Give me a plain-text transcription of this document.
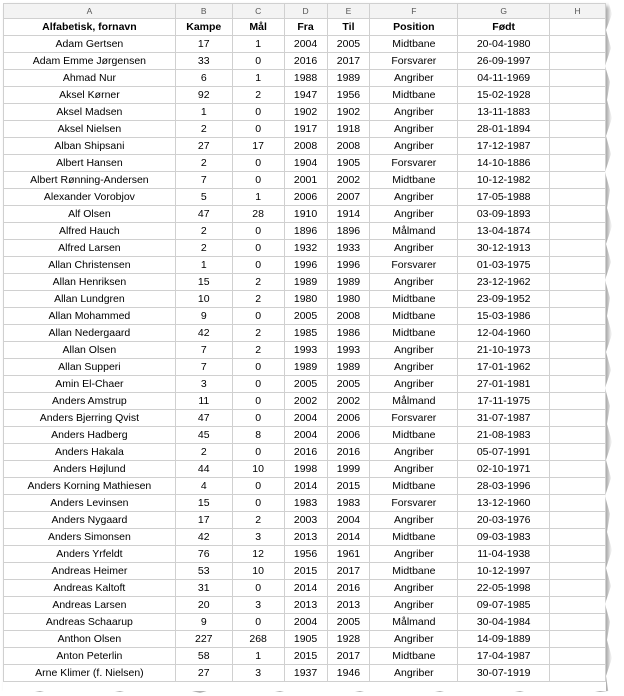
A	B	C	D	E	F	G	H
Alfabetisk, fornavn	Kampe	Mål	Fra	Til	Position	Født	
Adam Gertsen	17	1	2004	2005	Midtbane	20-04-1980	
Adam Emme Jørgensen	33	0	2016	2017	Forsvarer	26-09-1997	
Ahmad Nur	6	1	1988	1989	Angriber	04-11-1969	
Aksel Kørner	92	2	1947	1956	Midtbane	15-02-1928	
Aksel Madsen	1	0	1902	1902	Angriber	13-11-1883	
Aksel Nielsen	2	0	1917	1918	Angriber	28-01-1894	
Alban Shipsani	27	17	2008	2008	Angriber	17-12-1987	
Albert Hansen	2	0	1904	1905	Forsvarer	14-10-1886	
Albert Rønning-Andersen	7	0	2001	2002	Midtbane	10-12-1982	
Alexander Vorobjov	5	1	2006	2007	Angriber	17-05-1988	
Alf Olsen	47	28	1910	1914	Angriber	03-09-1893	
Alfred Hauch	2	0	1896	1896	Målmand	13-04-1874	
Alfred Larsen	2	0	1932	1933	Angriber	30-12-1913	
Allan Christensen	1	0	1996	1996	Forsvarer	01-03-1975	
Allan Henriksen	15	2	1989	1989	Angriber	23-12-1962	
Allan Lundgren	10	2	1980	1980	Midtbane	23-09-1952	
Allan Mohammed	9	0	2005	2008	Midtbane	15-03-1986	
Allan Nedergaard	42	2	1985	1986	Midtbane	12-04-1960	
Allan Olsen	7	2	1993	1993	Angriber	21-10-1973	
Allan Supperi	7	0	1989	1989	Angriber	17-01-1962	
Amin El-Chaer	3	0	2005	2005	Angriber	27-01-1981	
Anders Amstrup	11	0	2002	2002	Målmand	17-11-1975	
Anders Bjerring Qvist	47	0	2004	2006	Forsvarer	31-07-1987	
Anders Hadberg	45	8	2004	2006	Midtbane	21-08-1983	
Anders Hakala	2	0	2016	2016	Angriber	05-07-1991	
Anders Højlund	44	10	1998	1999	Angriber	02-10-1971	
Anders Korning Mathiesen	4	0	2014	2015	Midtbane	28-03-1996	
Anders Levinsen	15	0	1983	1983	Forsvarer	13-12-1960	
Anders Nygaard	17	2	2003	2004	Angriber	20-03-1976	
Anders Simonsen	42	3	2013	2014	Midtbane	09-03-1983	
Anders Yrfeldt	76	12	1956	1961	Angriber	11-04-1938	
Andreas Heimer	53	10	2015	2017	Midtbane	10-12-1997	
Andreas Kaltoft	31	0	2014	2016	Angriber	22-05-1998	
Andreas Larsen	20	3	2013	2013	Angriber	09-07-1985	
Andreas Schaarup	9	0	2004	2005	Målmand	30-04-1984	
Anthon Olsen	227	268	1905	1928	Angriber	14-09-1889	
Anton Peterlin	58	1	2015	2017	Midtbane	17-04-1987	
Arne Klimer (f. Nielsen)	27	3	1937	1946	Angriber	30-07-1919	
